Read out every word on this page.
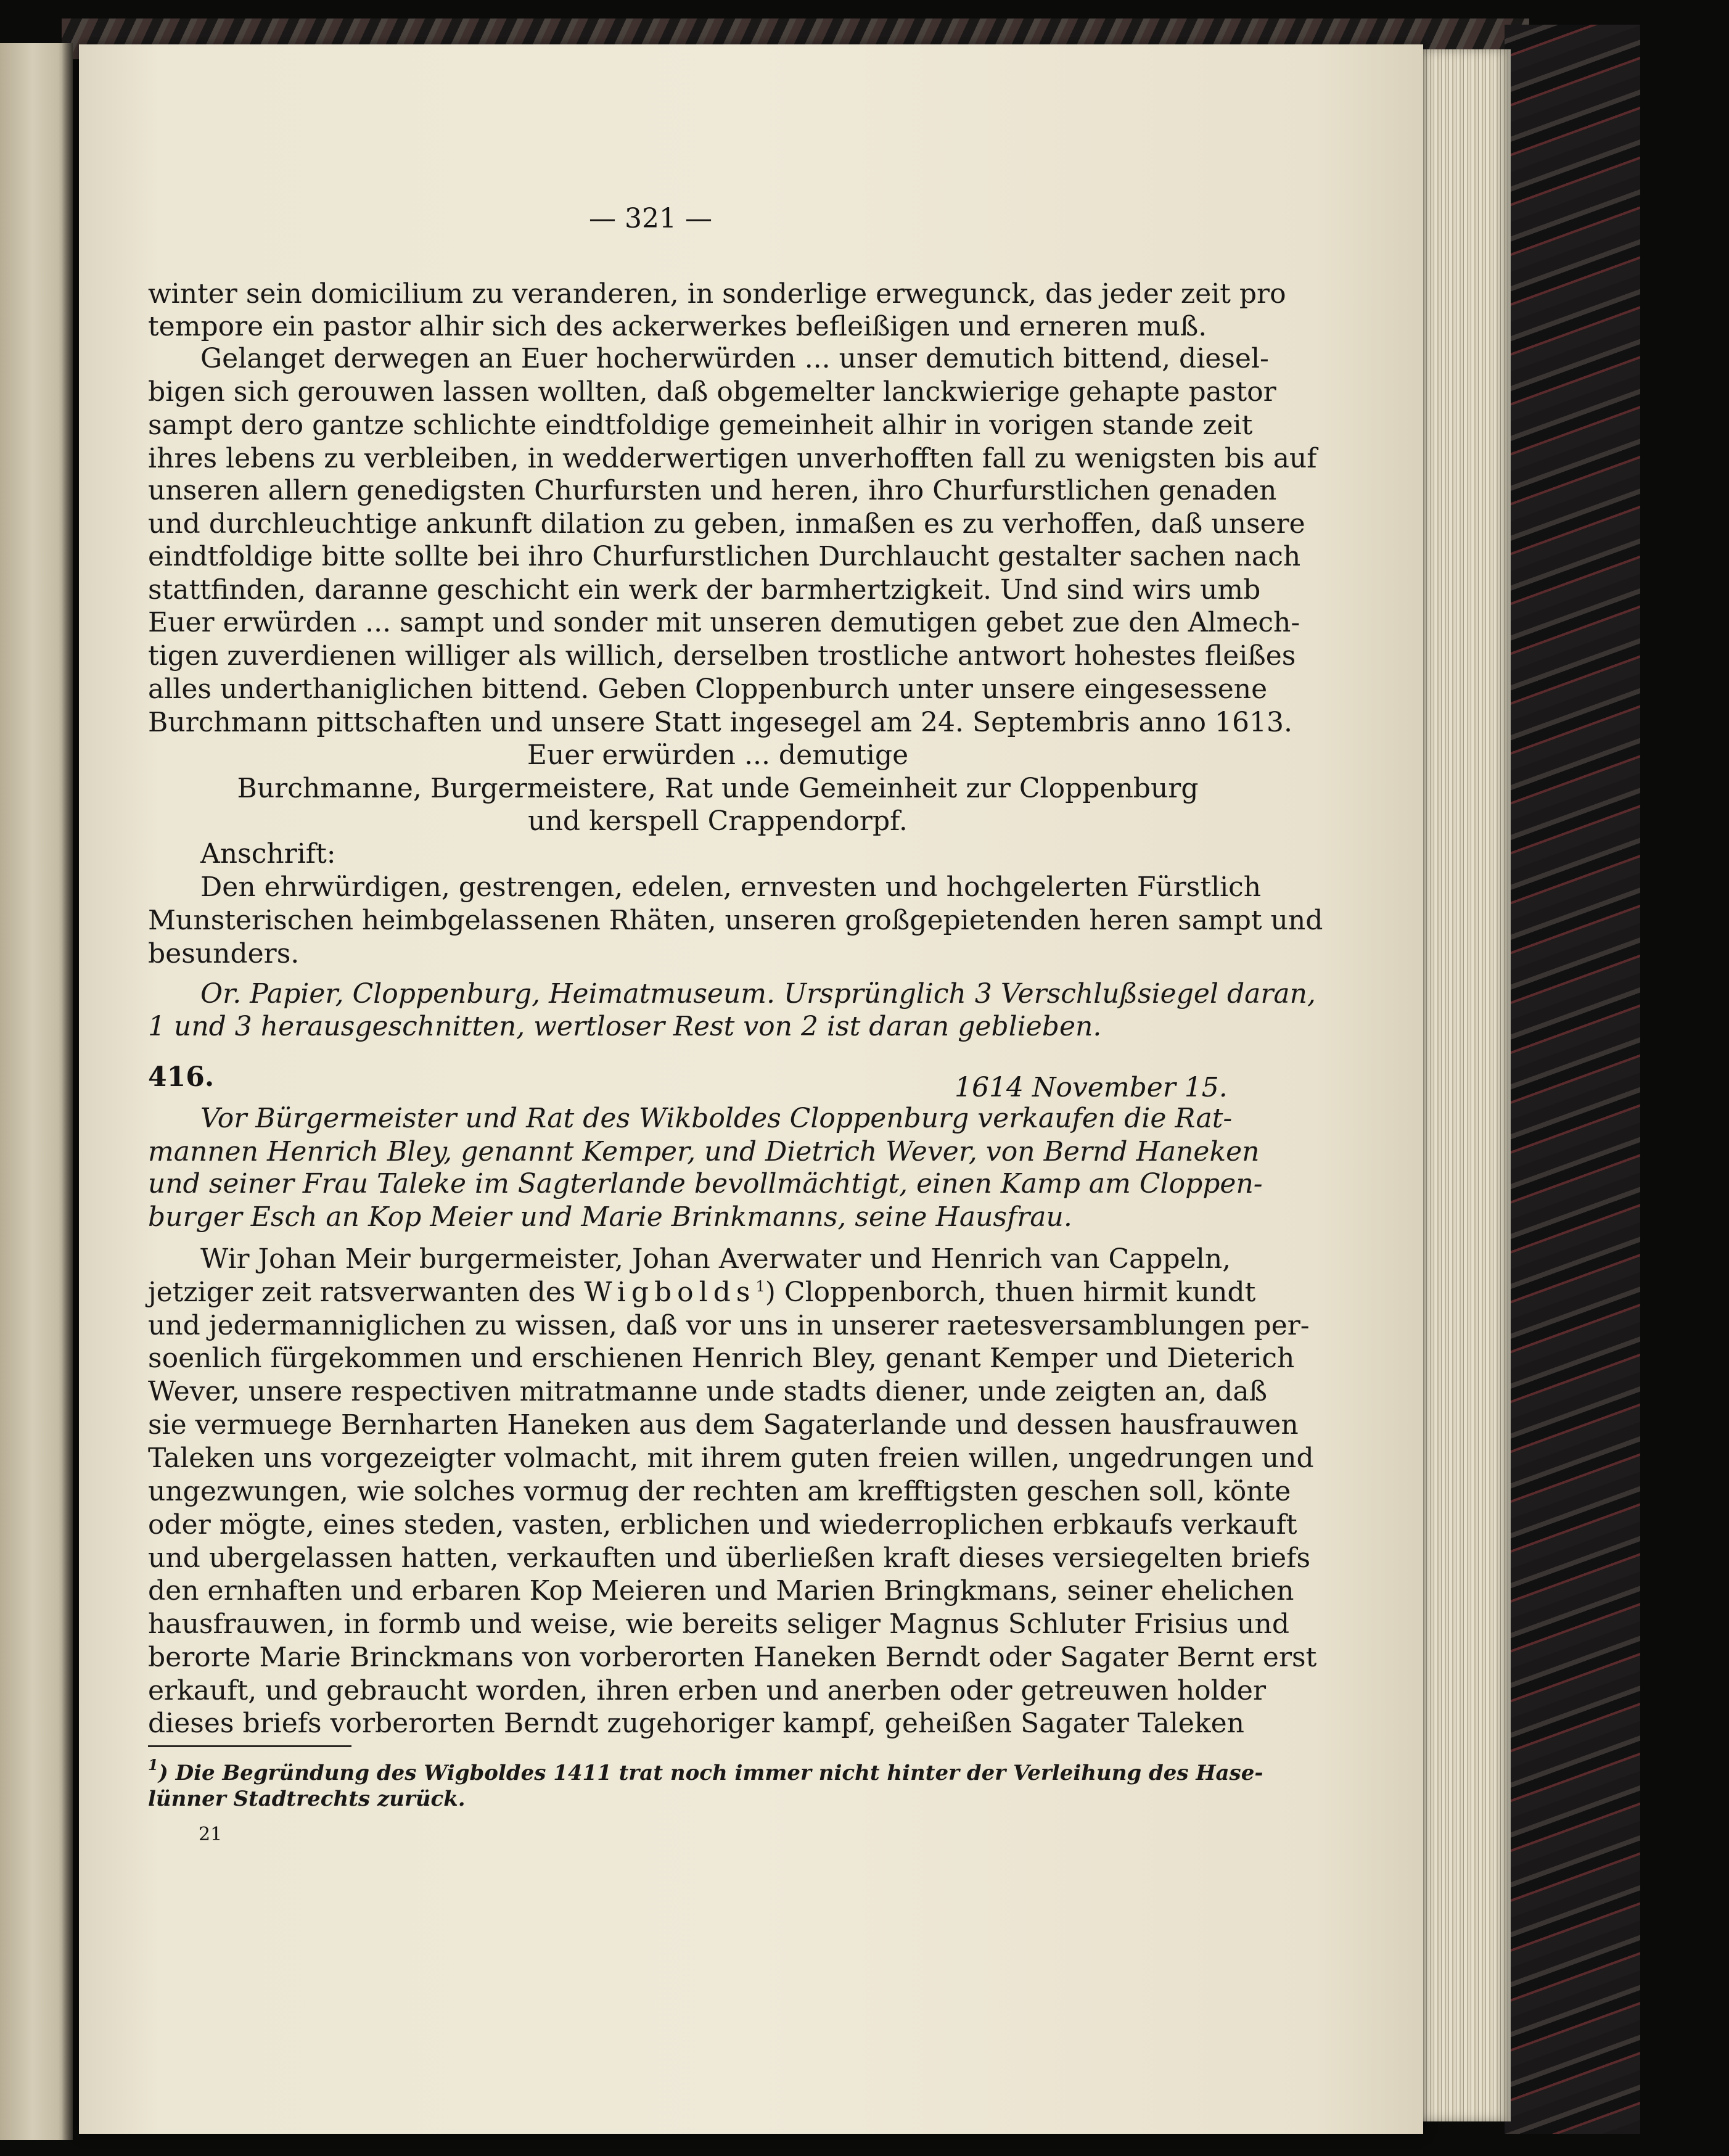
— 321 —
winter sein domicilium zu veranderen, in sonderlige erwegunck, das jeder zeit pro
tempore ein pastor alhir sich des ackerwerkes befleißigen und erneren muß.
Gelanget derwegen an Euer hocherwürden ... unser demutich bittend, diesel-
bigen sich gerouwen lassen wollten, daß obgemelter lanckwierige gehapte pastor
sampt dero gantze schlichte eindtfoldige gemeinheit alhir in vorigen stande zeit
ihres lebens zu verbleiben, in wedderwertigen unverhofften fall zu wenigsten bis auf
unseren allern genedigsten Churfursten und heren, ihro Churfurstlichen genaden
und durchleuchtige ankunft dilation zu geben, inmaßen es zu verhoffen, daß unsere
eindtfoldige bitte sollte bei ihro Churfurstlichen Durchlaucht gestalter sachen nach
stattfinden, daranne geschicht ein werk der barmhertzigkeit. Und sind wirs umb
Euer erwürden ... sampt und sonder mit unseren demutigen gebet zue den Almech-
tigen zuverdienen williger als willich, derselben trostliche antwort hohestes fleißes
alles underthaniglichen bittend. Geben Cloppenburch unter unsere eingesessene
Burchmann pittschaften und unsere Statt ingesegel am 24. Septembris anno 1613.
Euer erwürden ... demutige
Burchmanne, Burgermeistere, Rat unde Gemeinheit zur Cloppenburg
und kerspell Crappendorpf.
Anschrift:
Den ehrwürdigen, gestrengen, edelen, ernvesten und hochgelerten Fürstlich
Munsterischen heimbgelassenen Rhäten, unseren großgepietenden heren sampt und
besunders.
Or. Papier, Cloppenburg, Heimatmuseum. Ursprünglich 3 Verschlußsiegel daran,
1 und 3 herausgeschnitten, wertloser Rest von 2 ist daran geblieben.
416.	1614 November 15.
Vor Bürgermeister und Rat des Wikboldes Cloppenburg verkaufen die Rat-
mannen Henrich Bley, genannt Kemper, und Dietrich Wever, von Bernd Haneken
und seiner Frau Taleke im Sagterlande bevollmächtigt, einen Kamp am Cloppen-
burger Esch an Kop Meier und Marie Brinkmanns, seine Hausfrau.
Wir Johan Meir burgermeister, Johan Averwater und Henrich van Cappeln,
jetziger zeit ratsverwanten des Wigbolds$^1$) Cloppenborch, thuen hirmit kundt
und jedermanniglichen zu wissen, daß vor uns in unserer raetesversamblungen per-
soenlich fürgekommen und erschienen Henrich Bley, genant Kemper und Dieterich
Wever, unsere respectiven mitratmanne unde stadts diener, unde zeigten an, daß
sie vermuege Bernharten Haneken aus dem Sagaterlande und dessen hausfrauwen
Taleken uns vorgezeigter volmacht, mit ihrem guten freien willen, ungedrungen und
ungezwungen, wie solches vormug der rechten am krefftigsten geschen soll, könte
oder mögte, eines steden, vasten, erblichen und wiederroplichen erbkaufs verkauft
und ubergelassen hatten, verkauften und überließen kraft dieses versiegelten briefs
den ernhaften und erbaren Kop Meieren und Marien Bringkmans, seiner ehelichen
hausfrauwen, in formb und weise, wie bereits seliger Magnus Schluter Frisius und
berorte Marie Brinckmans von vorberorten Haneken Berndt oder Sagater Bernt erst
erkauft, und gebraucht worden, ihren erben und anerben oder getreuwen holder
dieses briefs vorberorten Berndt zugehoriger kampf, geheißen Sagater Taleken
$^1$) Die Begründung des Wigboldes 1411 trat noch immer nicht hinter der Verleihung des Hase-
lünner Stadtrechts zurück.
21
